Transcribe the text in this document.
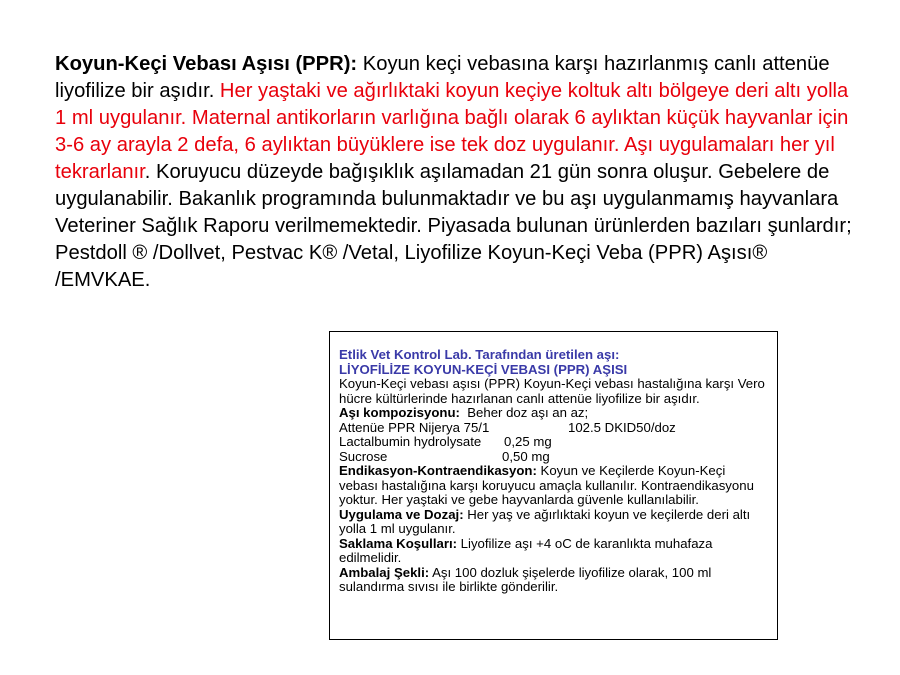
Koyun-Keçi Vebası Aşısı (PPR): Koyun keçi vebasına karşı hazırlanmış canlı attenüe liyofilize bir aşıdır. Her yaştaki ve ağırlıktaki koyun keçiye koltuk altı bölgeye deri altı yolla 1 ml uygulanır. Maternal antikorların varlığına bağlı olarak 6 aylıktan küçük hayvanlar için 3-6 ay arayla 2 defa, 6 aylıktan büyüklere ise tek doz uygulanır. Aşı uygulamaları her yıl tekrarlanır. Koruyucu düzeyde bağışıklık aşılamadan 21 gün sonra oluşur. Gebelere de uygulanabilir. Bakanlık programında bulunmaktadır ve bu aşı uygulanmamış hayvanlara Veteriner Sağlık Raporu verilmemektedir. Piyasada bulunan ürünlerden bazıları şunlardır; Pestdoll ® /Dollvet, Pestvac K® /Vetal, Liyofilize Koyun-Keçi Veba (PPR) Aşısı® /EMVKAE.

Etlik Vet Kontrol Lab. Tarafından üretilen aşı:

LİYOFİLİZE KOYUN-KEÇİ VEBASI (PPR) AŞISI

Koyun-Keçi vebası aşısı (PPR) Koyun-Keçi vebası hastalığına karşı Vero hücre kültürlerinde hazırlanan canlı attenüe liyofilize bir aşıdır.

Aşı kompozisyonu:  Beher doz aşı an az;

Attenüe PPR Nijerya 75/1	102.5 DKID50/doz
Lactalbumin hydrolysate	0,25 mg
Sucrose	0,50 mg

Endikasyon-Kontraendikasyon: Koyun ve Keçilerde Koyun-Keçi vebası hastalığına karşı koruyucu amaçla kullanılır. Kontraendikasyonu yoktur. Her yaştaki ve gebe hayvanlarda güvenle kullanılabilir.

Uygulama ve Dozaj: Her yaş ve ağırlıktaki koyun ve keçilerde deri altı yolla 1 ml uygulanır.

Saklama Koşulları: Liyofilize aşı +4 oC de karanlıkta muhafaza edilmelidir.

Ambalaj Şekli: Aşı 100 dozluk şişelerde liyofilize olarak, 100 ml sulandırma sıvısı ile birlikte gönderilir.
